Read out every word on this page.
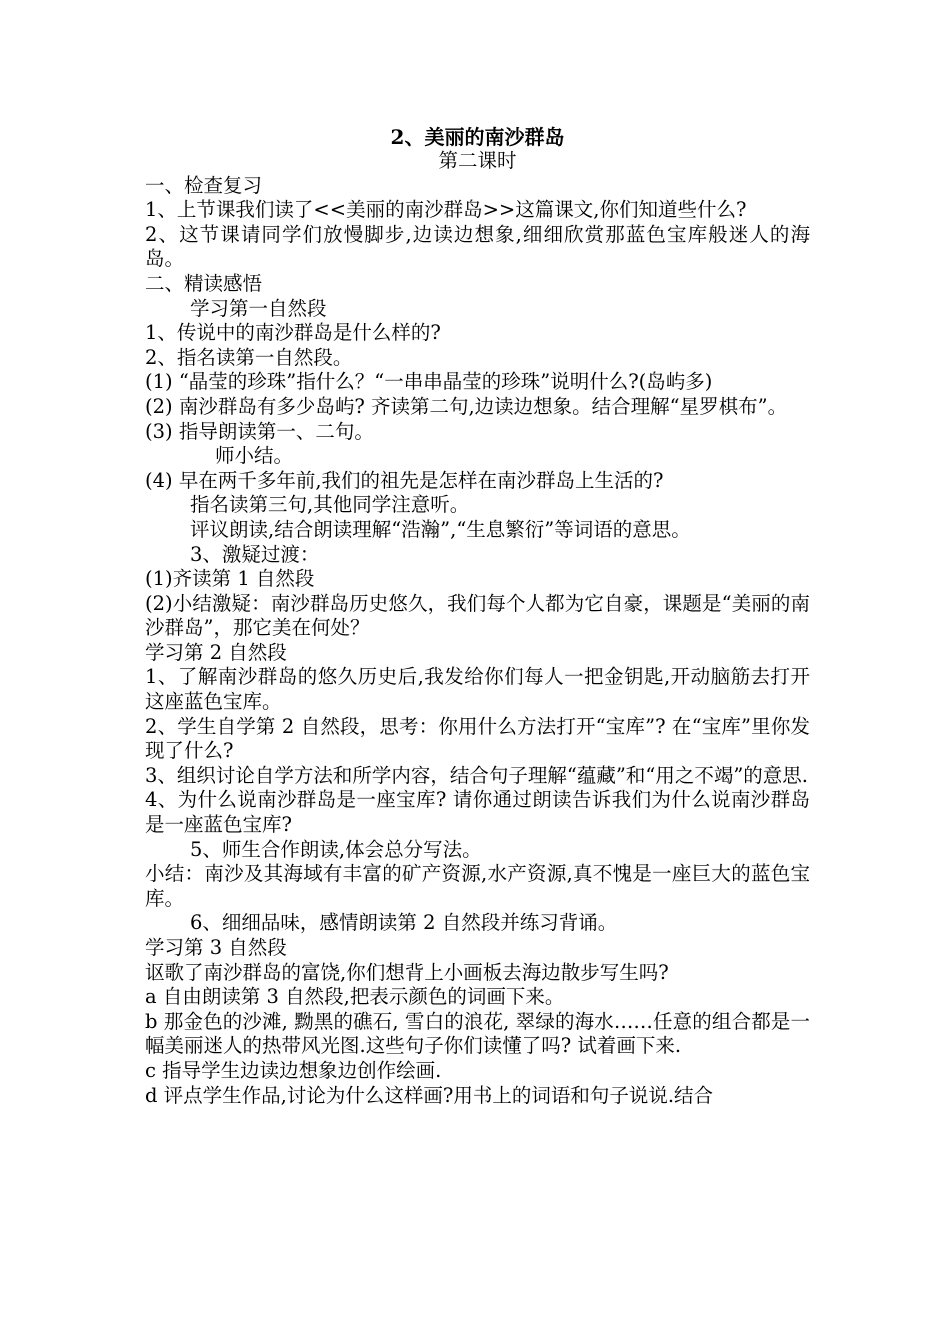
2、美丽的南沙群岛

第二课时

一、检查复习

1、上节课我们读了<<美丽的南沙群岛>>这篇课文,你们知道些什么?

2、这节课请同学们放慢脚步,边读边想象,细细欣赏那蓝色宝库般迷人的海岛。

二、精读感悟

学习第一自然段

1、传说中的南沙群岛是什么样的?

2、指名读第一自然段。

(1) “晶莹的珍珠”指什么？“一串串晶莹的珍珠”说明什么?(岛屿多)

(2) 南沙群岛有多少岛屿? 齐读第二句,边读边想象。结合理解“星罗棋布”。

(3) 指导朗读第一、二句。

师小结。

(4) 早在两千多年前,我们的祖先是怎样在南沙群岛上生活的?

指名读第三句,其他同学注意听。

评议朗读,结合朗读理解“浩瀚”,“生息繁衍”等词语的意思。

3、激疑过渡：

(1)齐读第 1 自然段

(2)小结激疑：南沙群岛历史悠久，我们每个人都为它自豪，课题是“美丽的南沙群岛”，那它美在何处？

学习第 2 自然段

1、了解南沙群岛的悠久历史后,我发给你们每人一把金钥匙,开动脑筋去打开这座蓝色宝库。

2、学生自学第 2 自然段，思考：你用什么方法打开“宝库”? 在“宝库”里你发现了什么?

3、组织讨论自学方法和所学内容，结合句子理解“蕴藏”和“用之不竭”的意思.

4、为什么说南沙群岛是一座宝库? 请你通过朗读告诉我们为什么说南沙群岛是一座蓝色宝库?

5、师生合作朗读,体会总分写法。

小结：南沙及其海域有丰富的矿产资源,水产资源,真不愧是一座巨大的蓝色宝库。

6、细细品味，感情朗读第 2 自然段并练习背诵。

学习第 3 自然段

讴歌了南沙群岛的富饶,你们想背上小画板去海边散步写生吗?

a 自由朗读第 3 自然段,把表示颜色的词画下来。

b 那金色的沙滩, 黝黑的礁石, 雪白的浪花, 翠绿的海水……任意的组合都是一幅美丽迷人的热带风光图.这些句子你们读懂了吗? 试着画下来.

c 指导学生边读边想象边创作绘画.

d 评点学生作品,讨论为什么这样画?用书上的词语和句子说说.结合
